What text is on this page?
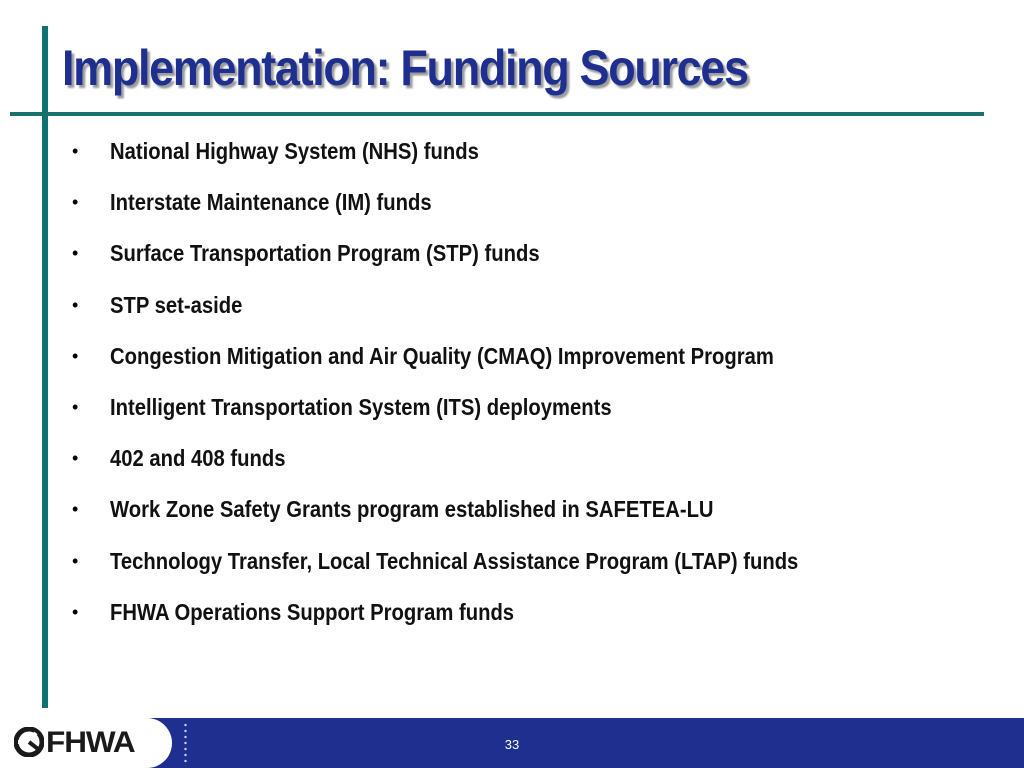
Implementation: Funding Sources
•	National Highway System (NHS) funds
•	Interstate Maintenance (IM) funds
•	Surface Transportation Program (STP) funds
•	STP set-aside
•	Congestion Mitigation and Air Quality (CMAQ) Improvement Program
•	Intelligent Transportation System (ITS) deployments
•	402 and 408 funds
•	Work Zone Safety Grants program established in SAFETEA-LU
•	Technology Transfer, Local Technical Assistance Program (LTAP) funds
•	FHWA Operations Support Program funds
FHWA	33
